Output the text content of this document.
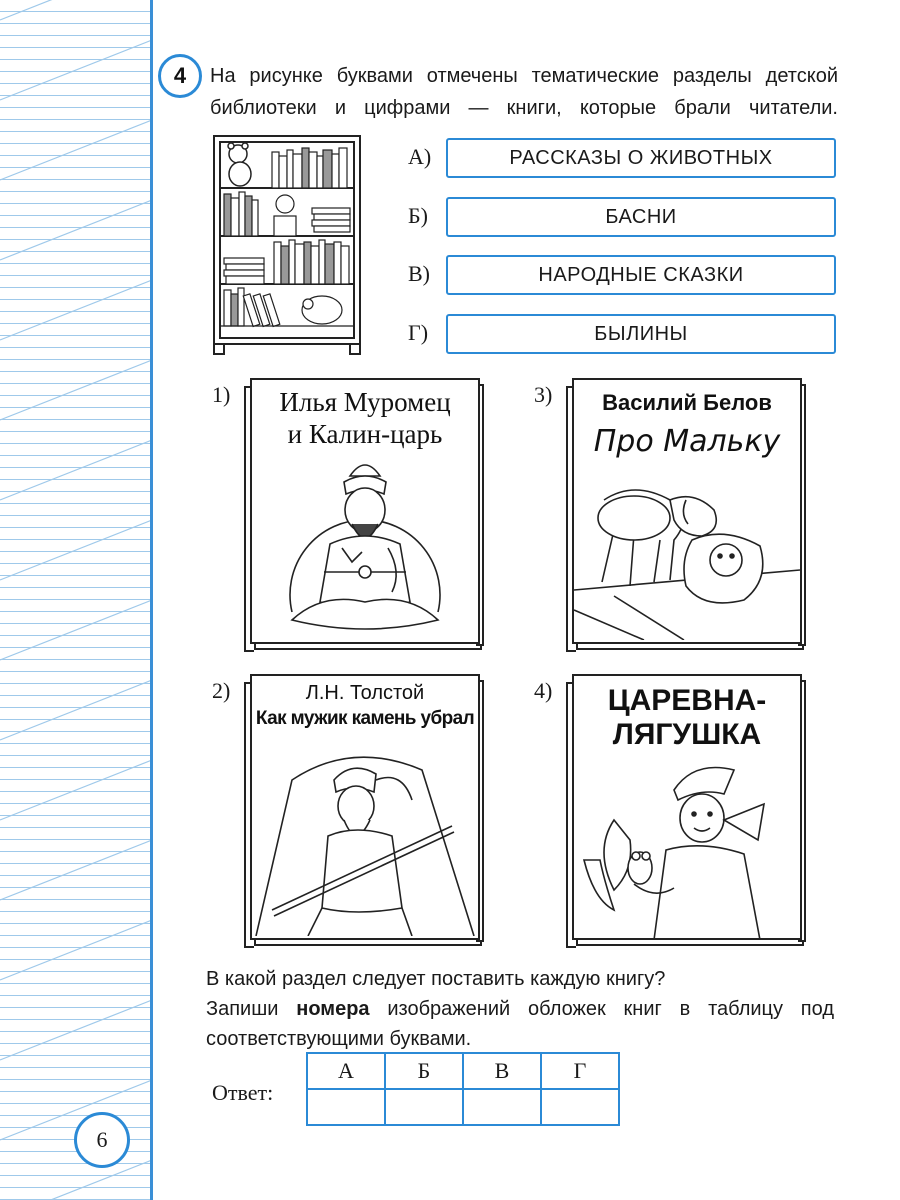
4	На рисунке буквами отмечены тематические разделы детской
библиотеки и цифрами — книги, которые брали читатели.
А)	РАССКАЗЫ О ЖИВОТНЫХ
Б)	БАСНИ
В)	НАРОДНЫЕ СКАЗКИ
Г)	БЫЛИНЫ
1)	Илья Муромец
и Калин-царь
3)	Василий Белов
Про Мальку
2)	Л.Н. Толстой
Как мужик камень убрал
4)	ЦАРЕВНА-
ЛЯГУШКА

В какой раздел следует поставить каждую книгу?

Запиши номера изображений обложек книг в таблицу под

соответствующими буквами.

Ответ:
А	Б	В	Г

6
